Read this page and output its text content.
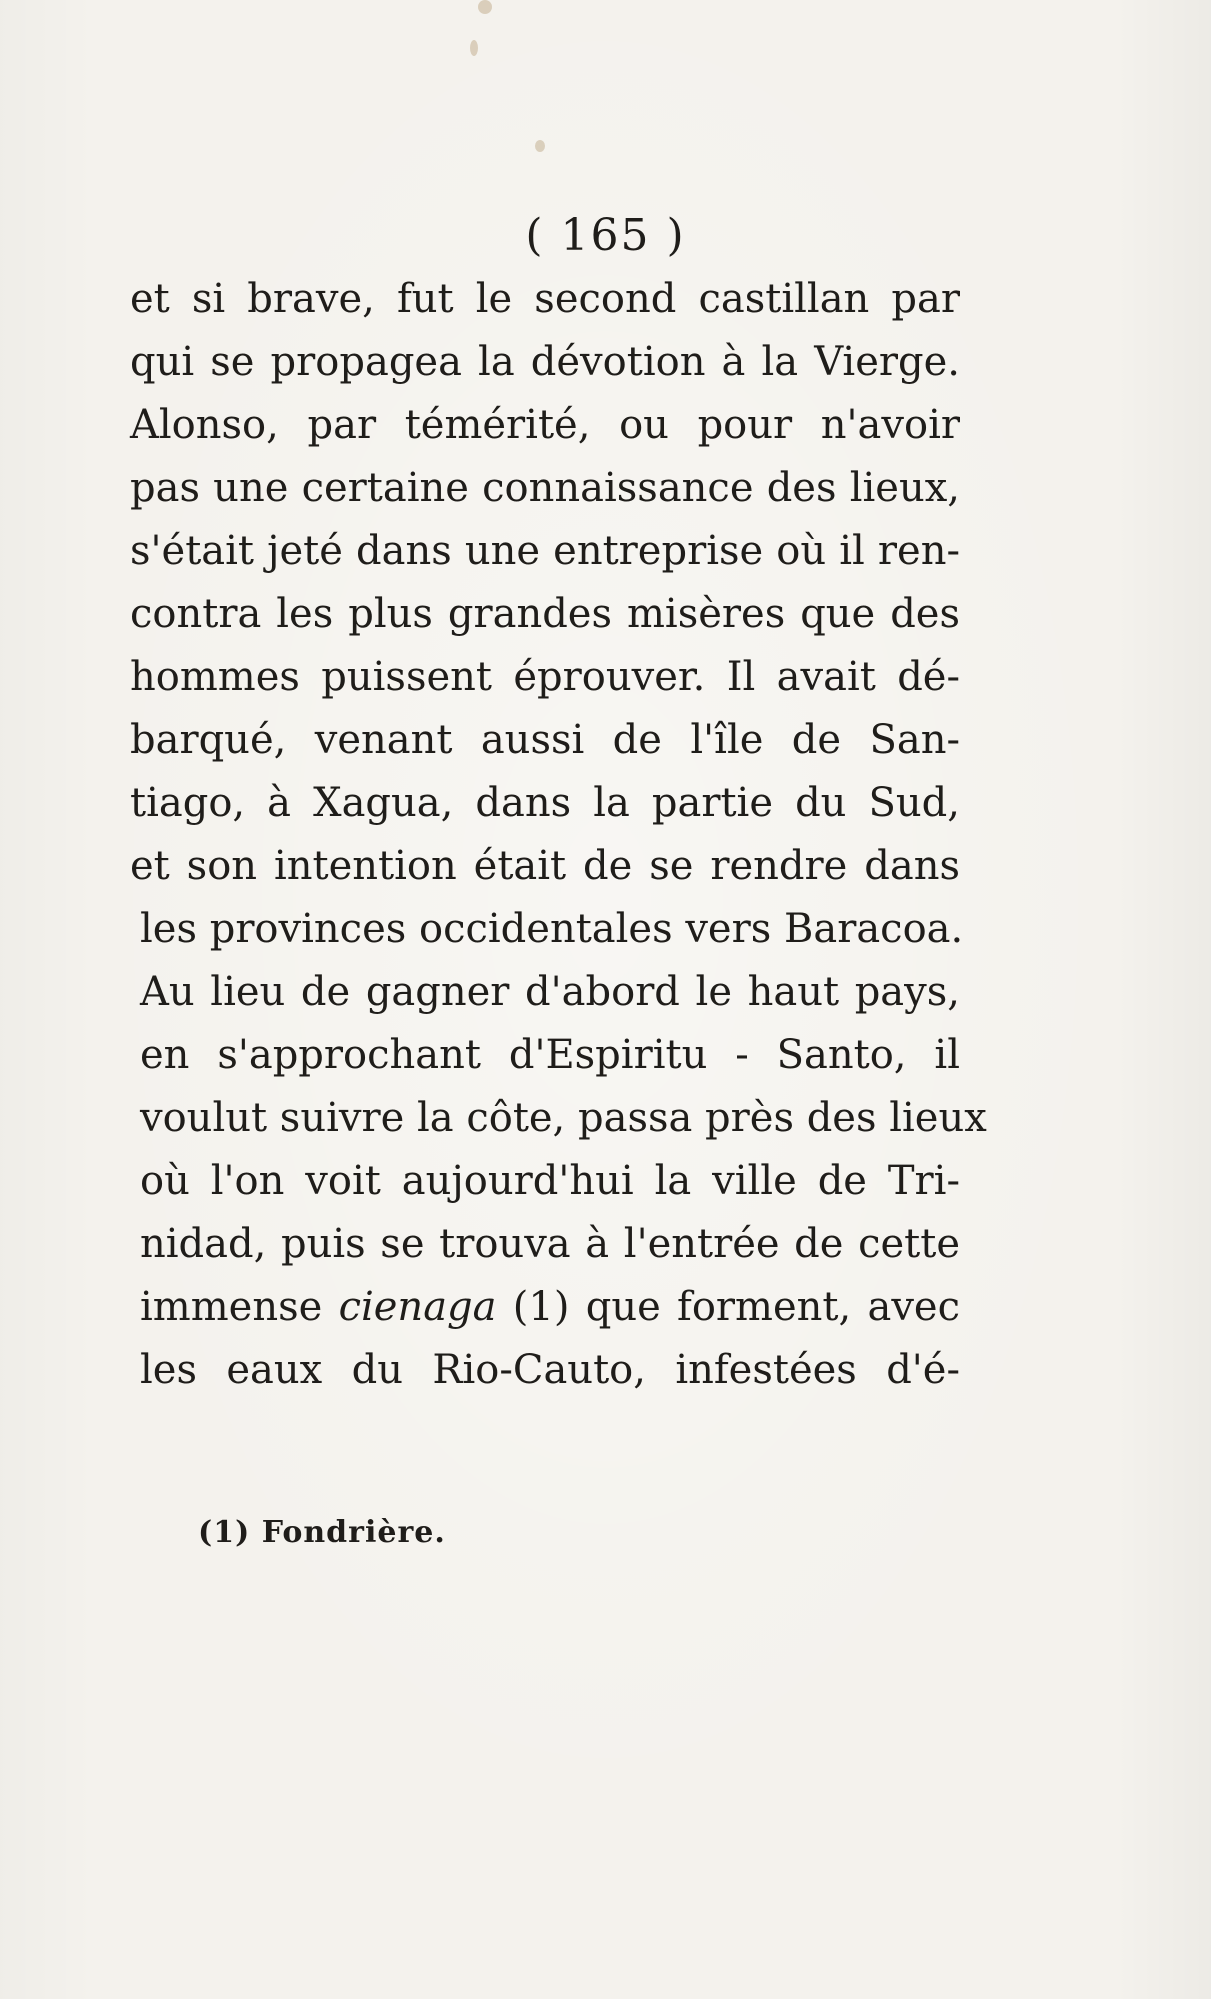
( 165 )
et si brave, fut le second castillan par
qui se propagea la dévotion à la Vierge.
Alonso, par témérité, ou pour n'avoir
pas une certaine connaissance des lieux,
s'était jeté dans une entreprise où il ren-
contra les plus grandes misères que des
hommes puissent éprouver. Il avait dé-
barqué, venant aussi de l'île de San-
tiago, à Xagua, dans la partie du Sud,
et son intention était de se rendre dans
les provinces occidentales vers Baracoa.
Au lieu de gagner d'abord le haut pays,
en s'approchant d'Espiritu - Santo, il
voulut suivre la côte, passa près des lieux
où l'on voit aujourd'hui la ville de Tri-
nidad, puis se trouva à l'entrée de cette
immense cienaga (1) que forment, avec
les eaux du Rio-Cauto, infestées d'é-
(1) Fondrière.
